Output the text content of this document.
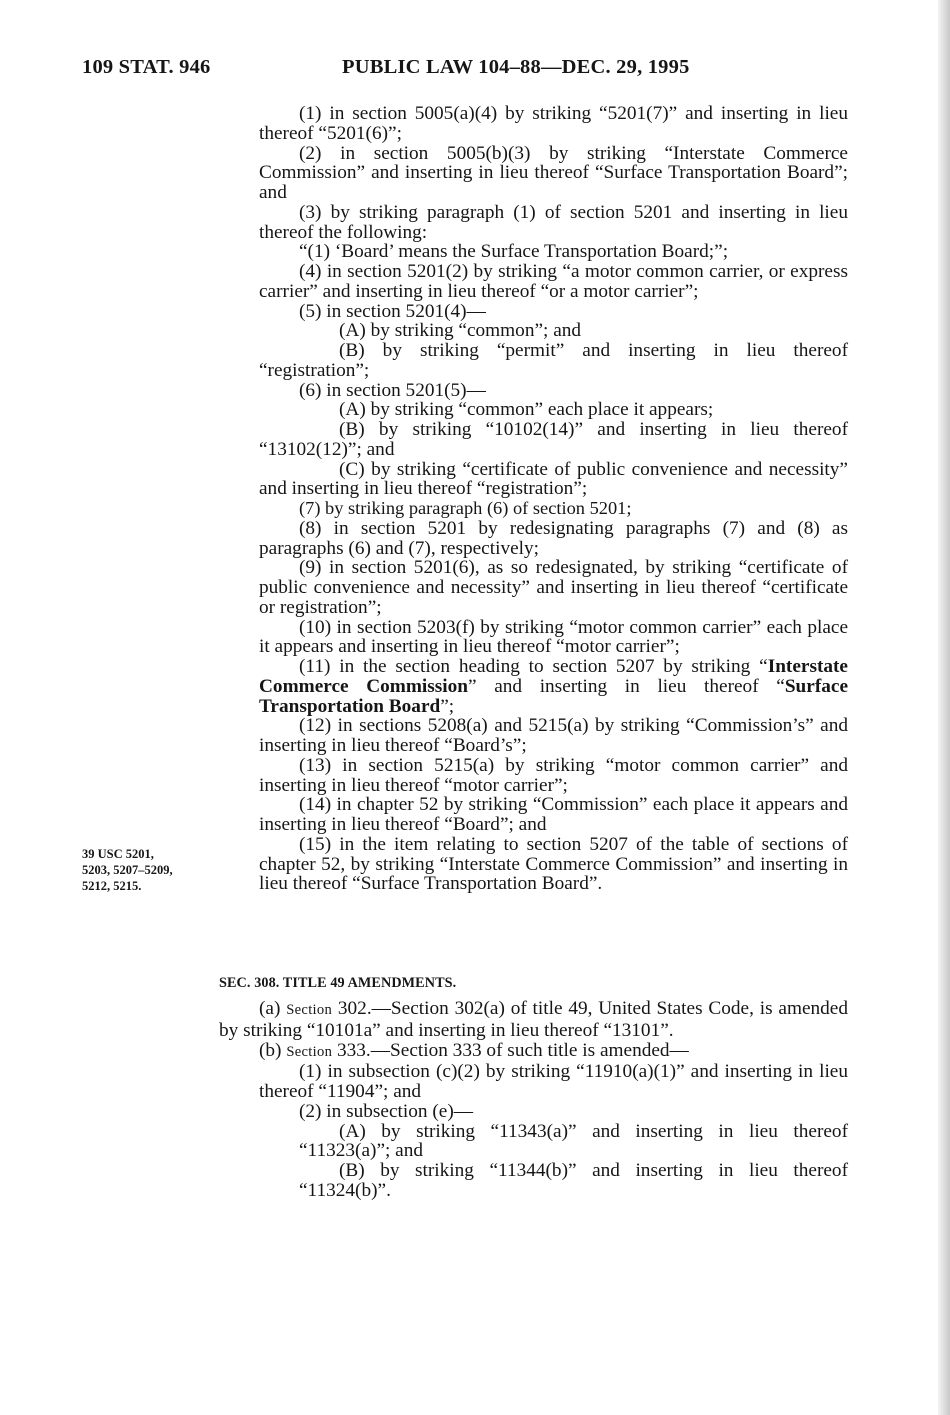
109 STAT. 946	PUBLIC LAW 104–88—DEC. 29, 1995
39 USC 5201,
5203, 5207–5209,
5212, 5215.

(1) in section 5005(a)(4) by striking “5201(7)” and inserting in lieu thereof “5201(6)”;

(2) in section 5005(b)(3) by striking “Interstate Commerce Commission” and inserting in lieu thereof “Surface Transportation Board”; and

(3) by striking paragraph (1) of section 5201 and inserting in lieu thereof the following:

“(1) ‘Board’ means the Surface Transportation Board;”;

(4) in section 5201(2) by striking “a motor common carrier, or express carrier” and inserting in lieu thereof “or a motor carrier”;

(5) in section 5201(4)—

(A) by striking “common”; and

(B) by striking “permit” and inserting in lieu thereof “registration”;

(6) in section 5201(5)—

(A) by striking “common” each place it appears;

(B) by striking “10102(14)” and inserting in lieu thereof “13102(12)”; and

(C) by striking “certificate of public convenience and necessity” and inserting in lieu thereof “registration”;

(7) by striking paragraph (6) of section 5201;

(8) in section 5201 by redesignating paragraphs (7) and (8) as paragraphs (6) and (7), respectively;

(9) in section 5201(6), as so redesignated, by striking “certificate of public convenience and necessity” and inserting in lieu thereof “certificate or registration”;

(10) in section 5203(f) by striking “motor common carrier” each place it appears and inserting in lieu thereof “motor carrier”;

(11) in the section heading to section 5207 by striking “Interstate Commerce Commission” and inserting in lieu thereof “Surface Transportation Board”;

(12) in sections 5208(a) and 5215(a) by striking “Commission’s” and inserting in lieu thereof “Board’s”;

(13) in section 5215(a) by striking “motor common carrier” and inserting in lieu thereof “motor carrier”;

(14) in chapter 52 by striking “Commission” each place it appears and inserting in lieu thereof “Board”; and

(15) in the item relating to section 5207 of the table of sections of chapter 52, by striking “Interstate Commerce Commission” and inserting in lieu thereof “Surface Transportation Board”.

SEC. 308. TITLE 49 AMENDMENTS.

(a) Section 302.—Section 302(a) of title 49, United States Code, is amended by striking “10101a” and inserting in lieu thereof “13101”.

(b) Section 333.—Section 333 of such title is amended—

(1) in subsection (c)(2) by striking “11910(a)(1)” and inserting in lieu thereof “11904”; and

(2) in subsection (e)—

(A) by striking “11343(a)” and inserting in lieu thereof “11323(a)”; and

(B) by striking “11344(b)” and inserting in lieu thereof “11324(b)”.
